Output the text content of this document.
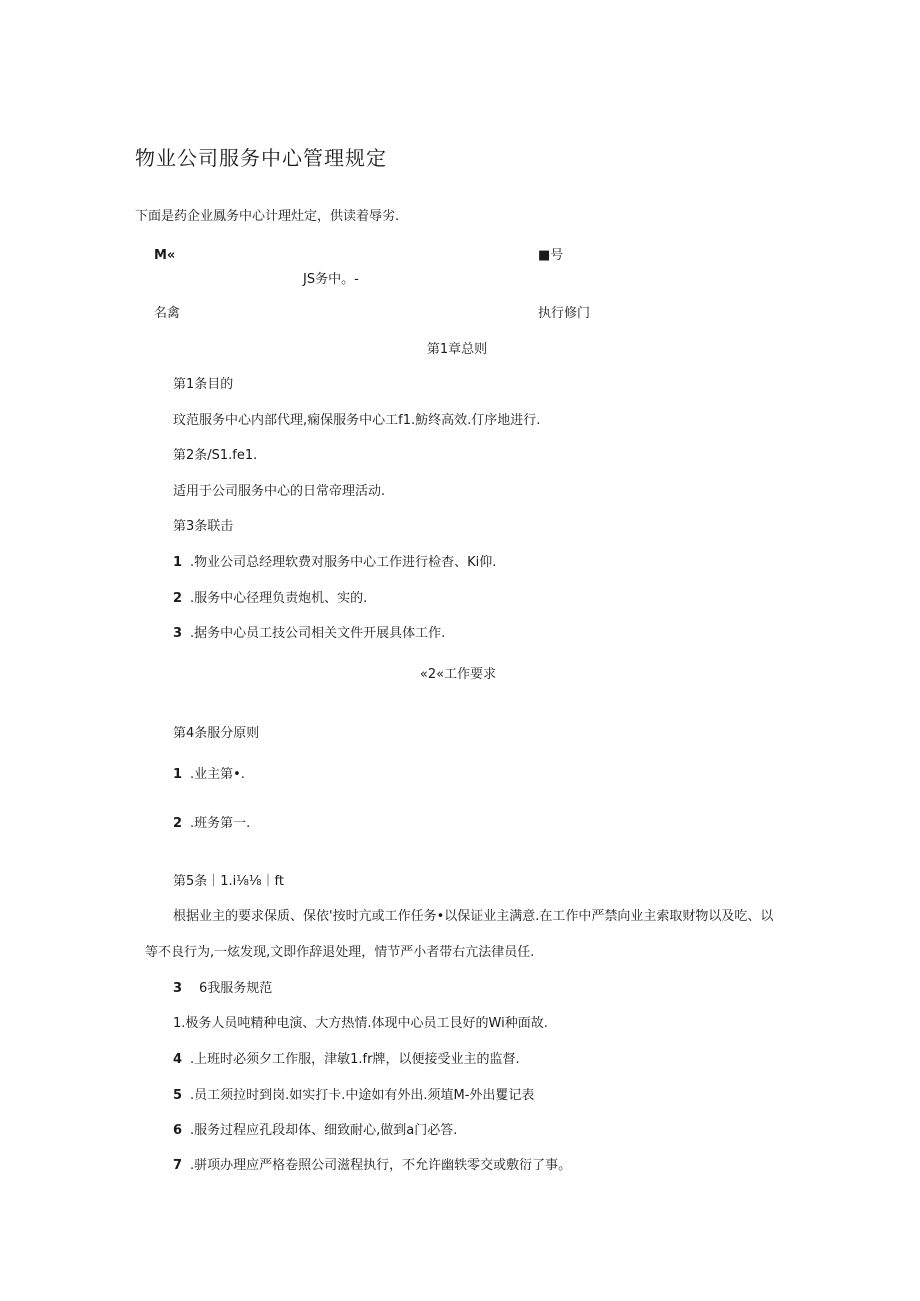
物业公司服务中心管理规定
下面是药企业鳳务中心计理灶定，供读着辱劣.
M«	■号
JS务中。-
名禽	执行修门
第1章总则
第1条目的
玟范服务中心内部代理,痫保服务中心工f1.魴终高效.仃序地进行.
第2条/S1.fe1.
适用于公司服务中心的日常帝理活动.
第3条联击
1 .物业公司总经理软费对服务中心工作进行检杳、Ki仰.
2 .服务中心径理负责炮机、实的.
3 .据务中心员工技公司相关文件开展具体工作.
«2«工作要求
第4条服分原则
1 .业主第•.
2 .班务第一.
第5条｜1.i⅛⅛｜ft
根据业主的要求保质、保依'按时亢或工作任务•以保证业主满意.在工作中严禁向业主索取财物以及吃、以
等不良行为,一炫发现,文即作辞退处理，情节严小者带右亢法律员任.
3 6我服务规范
1.极务人员吨精种电演、大方热情.体现中心员工艮好的Wi种面故.
4 .上班时必须夕工作服，津敏1.fr牌，以便接受业主的监督.
5 .员工须拉时到岗.如实打卡.中途如有外出.须埴M-外出矍记表
6 .服务过程应孔段却体、细致耐心,做到a门必答.
7 .骈项办理应严格卷照公司滋程执行，不允许幽轶零交或敷衍了事。
